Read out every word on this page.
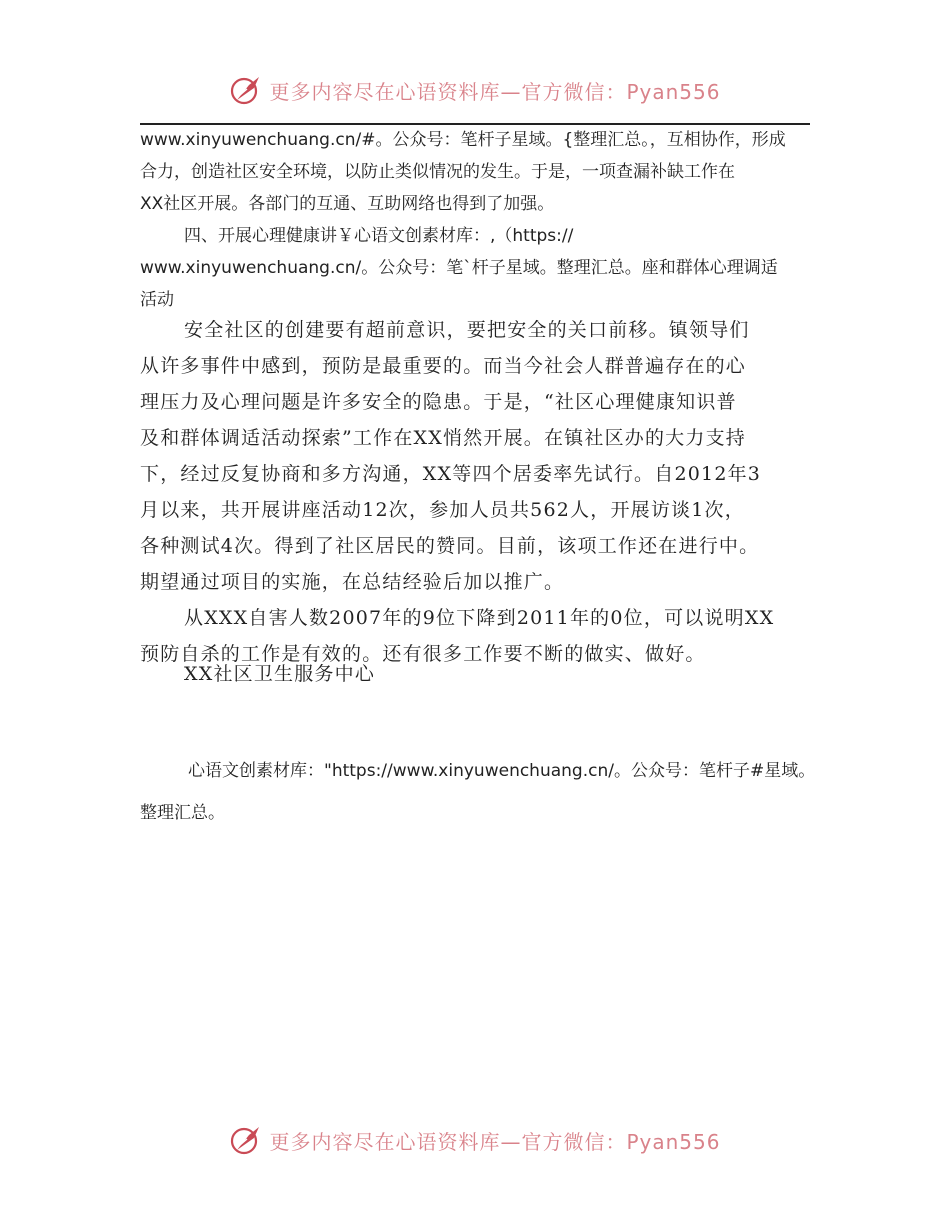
更多内容尽在心语资料库—官方微信：Pyan556
www.xinyuwenchuang.cn/#。公众号：笔杆子星域。{整理汇总。，互相协作，形成
合力，创造社区安全环境，以防止类似情况的发生。于是，一项查漏补缺工作在
XX社区开展。各部门的互通、互助网络也得到了加强。
四、开展心理健康讲￥心语文创素材库：,（https://
www.xinyuwenchuang.cn/。公众号：笔`杆子星域。整理汇总。座和群体心理调适
活动
安全社区的创建要有超前意识，要把安全的关口前移。镇领导们
从许多事件中感到，预防是最重要的。而当今社会人群普遍存在的心
理压力及心理问题是许多安全的隐患。于是，“社区心理健康知识普
及和群体调适活动探索”工作在XX悄然开展。在镇社区办的大力支持
下，经过反复协商和多方沟通，XX等四个居委率先试行。自2012年3
月以来，共开展讲座活动12次，参加人员共562人，开展访谈1次，
各种测试4次。得到了社区居民的赞同。目前，该项工作还在进行中。
期望通过项目的实施，在总结经验后加以推广。
从XXX自害人数2007年的9位下降到2011年的0位，可以说明XX
预防自杀的工作是有效的。还有很多工作要不断的做实、做好。
XX社区卫生服务中心
心语文创素材库："https://www.xinyuwenchuang.cn/。公众号：笔杆子#星域。
整理汇总。
更多内容尽在心语资料库—官方微信：Pyan556
